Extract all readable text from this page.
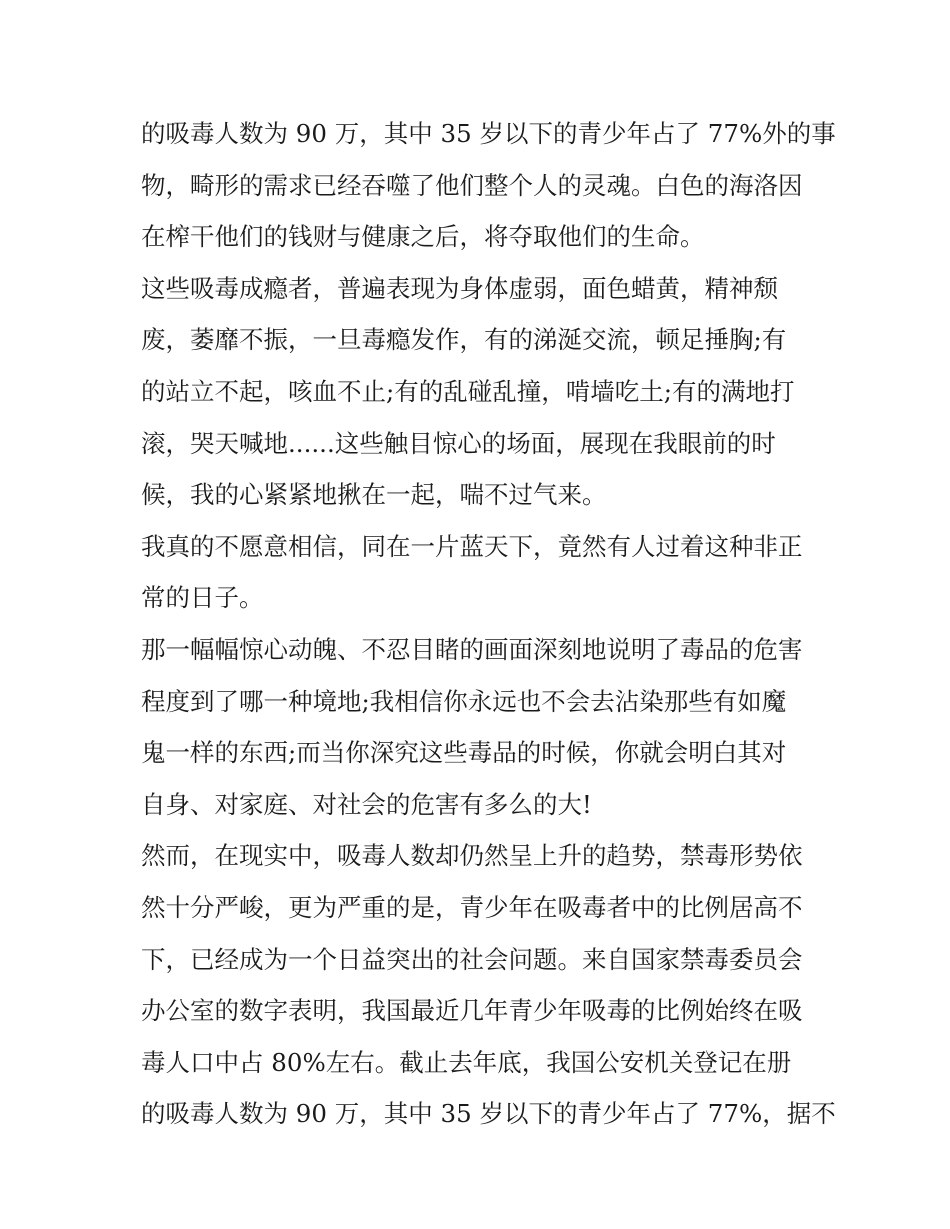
的吸毒人数为 90 万，其中 35 岁以下的青少年占了 77%外的事
物，畸形的需求已经吞噬了他们整个人的灵魂。白色的海洛因
在榨干他们的钱财与健康之后，将夺取他们的生命。
这些吸毒成瘾者，普遍表现为身体虚弱，面色蜡黄，精神颓
废，萎靡不振，一旦毒瘾发作，有的涕涎交流，顿足捶胸;有
的站立不起，咳血不止;有的乱碰乱撞，啃墙吃土;有的满地打
滚，哭天喊地......这些触目惊心的场面，展现在我眼前的时
候，我的心紧紧地揪在一起，喘不过气来。
我真的不愿意相信，同在一片蓝天下，竟然有人过着这种非正
常的日子。
那一幅幅惊心动魄、不忍目睹的画面深刻地说明了毒品的危害
程度到了哪一种境地;我相信你永远也不会去沾染那些有如魔
鬼一样的东西;而当你深究这些毒品的时候，你就会明白其对
自身、对家庭、对社会的危害有多么的大!
然而，在现实中，吸毒人数却仍然呈上升的趋势，禁毒形势依
然十分严峻，更为严重的是，青少年在吸毒者中的比例居高不
下，已经成为一个日益突出的社会问题。来自国家禁毒委员会
办公室的数字表明，我国最近几年青少年吸毒的比例始终在吸
毒人口中占 80%左右。截止去年底，我国公安机关登记在册
的吸毒人数为 90 万，其中 35 岁以下的青少年占了 77%，据不
